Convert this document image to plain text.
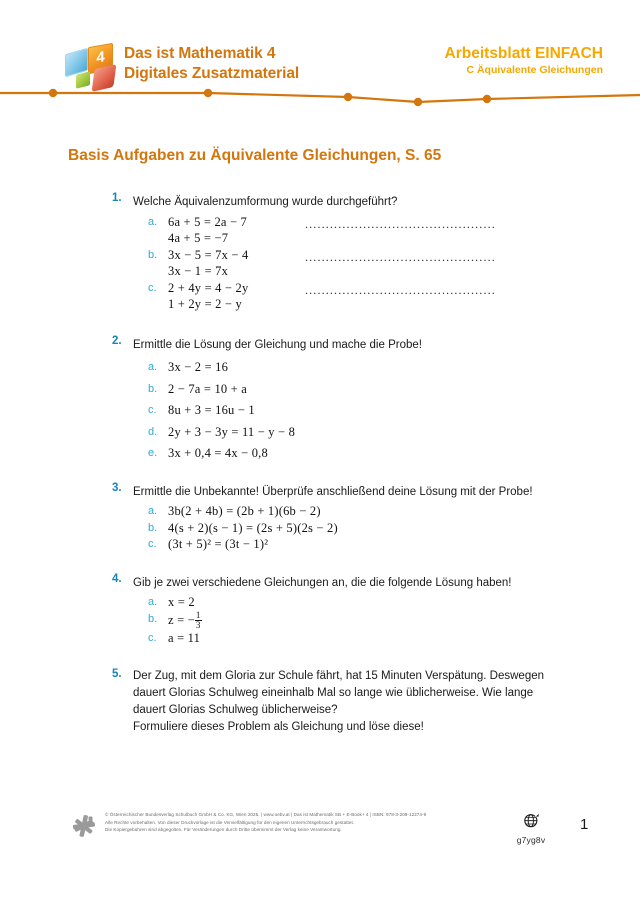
4	Das ist Mathematik 4
Digitales Zusatzmaterial
Arbeitsblatt EINFACH
C Äquivalente Gleichungen
Basis Aufgaben zu Äquivalente Gleichungen, S. 65
1. Welche Äquivalenzumformung wurde durchgeführt?
a. 6a + 5 = 2a − 7	..............................................
4a + 5 = −7
b. 3x − 5 = 7x − 4	..............................................
3x − 1 = 7x
c. 2 + 4y = 4 − 2y	..............................................
1 + 2y = 2 − y
2. Ermittle die Lösung der Gleichung und mache die Probe!
a. 3x − 2 = 16
b. 2 − 7a = 10 + a
c. 8u + 3 = 16u − 1
d. 2y + 3 − 3y = 11 − y − 8
e. 3x + 0,4 = 4x − 0,8
3. Ermittle die Unbekannte! Überprüfe anschließend deine Lösung mit der Probe!
a. 3b(2 + 4b) = (2b + 1)(6b − 2)
b. 4(s + 2)(s − 1) = (2s + 5)(2s − 2)
c. (3t + 5)² = (3t − 1)²
4. Gib je zwei verschiedene Gleichungen an, die die folgende Lösung haben!
a. x = 2
b. z = − $\frac{1}{3}$
c. a = 11
5. Der Zug, mit dem Gloria zur Schule fährt, hat 15 Minuten Verspätung. Deswegen
dauert Glorias Schulweg eineinhalb Mal so lange wie üblicherweise. Wie lange
dauert Glorias Schulweg üblicherweise?
Formuliere dieses Problem als Gleichung und löse diese!
© Österreichischer Bundesverlag Schulbuch GmbH & Co. KG, Wien 2025. | www.oebv.at | Das ist Mathematik SB + E-Book+ 4 | ISBN: 978-3-209-12274-9
Alle Rechte vorbehalten. Von dieser Druckvorlage ist die Vervielfältigung für den eigenen Unterrichtsgebrauch gestattet.
Die Kopiergebühren sind abgegolten. Für Veränderungen durch Dritte übernimmt der Verlag keine Verantwortung.
g7yg8v
1
